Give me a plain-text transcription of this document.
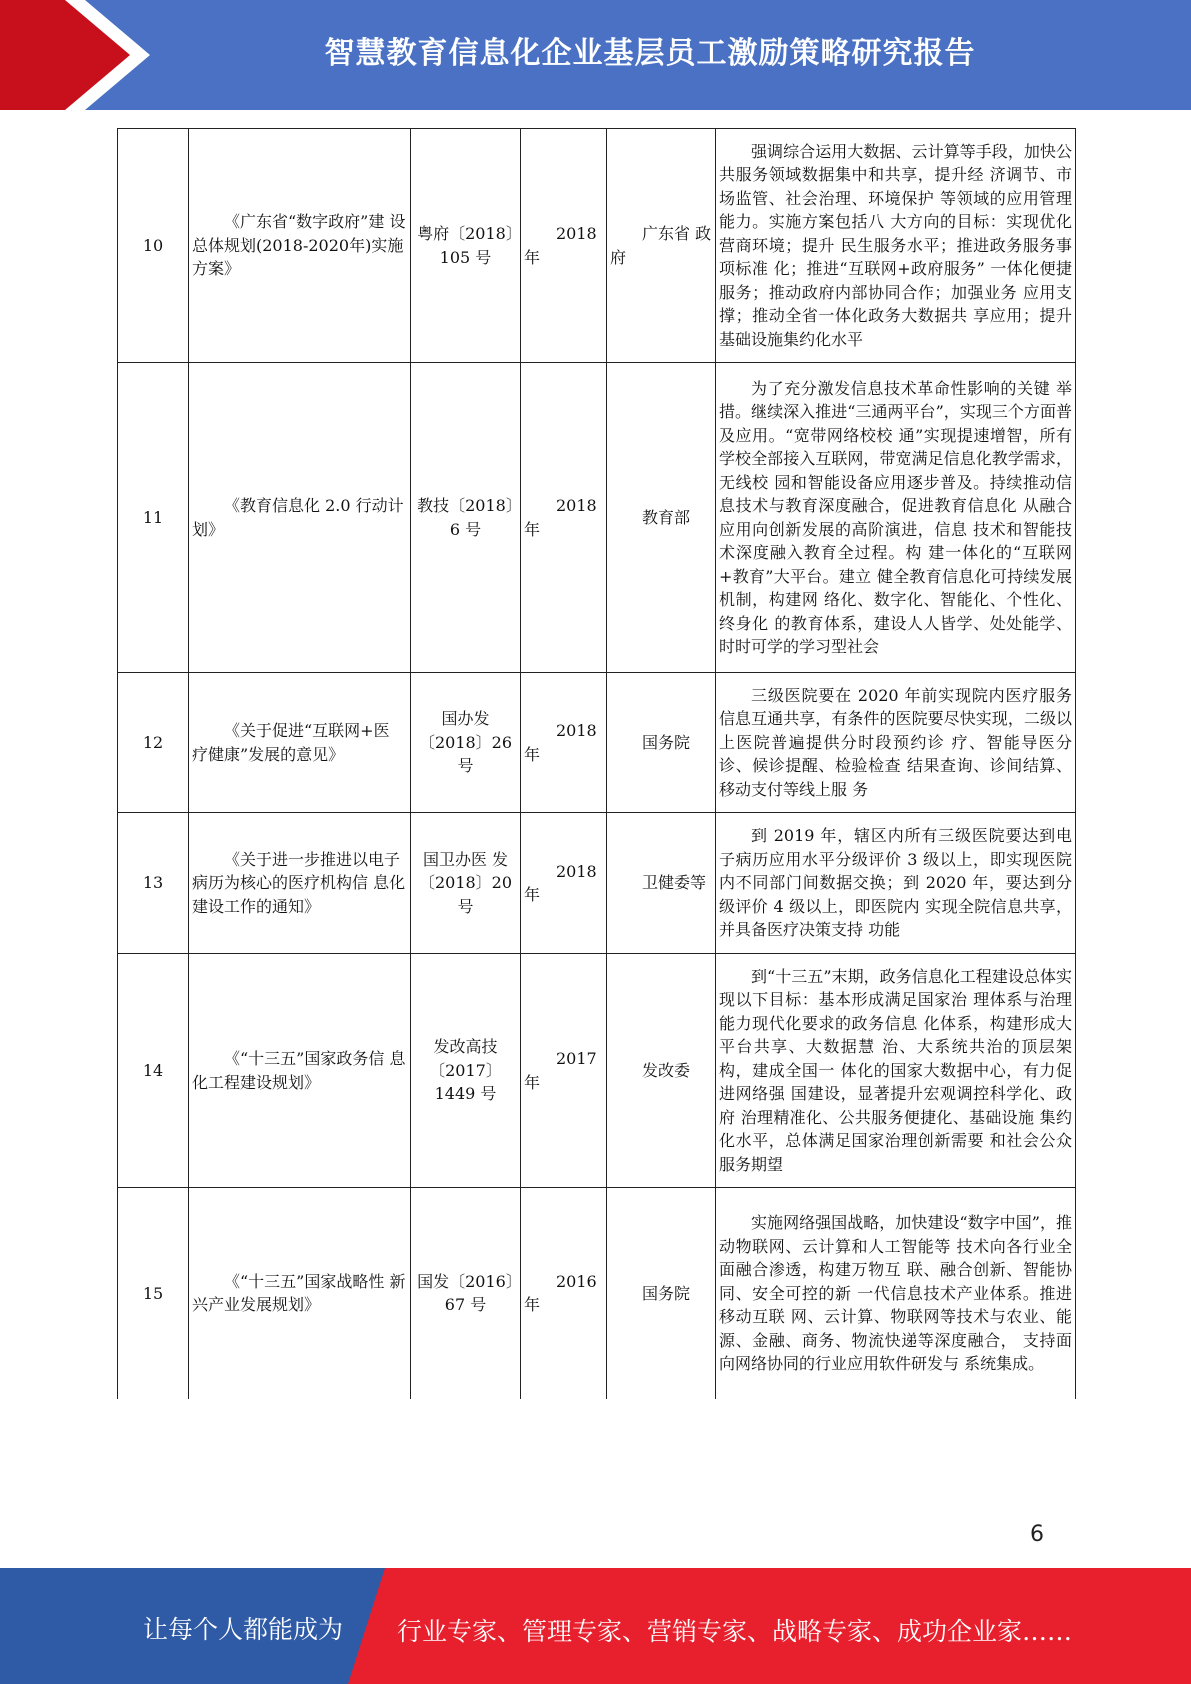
智慧教育信息化企业基层员工激励策略研究报告
10	《广东省“数字政府”建 设总体规划(2018-2020年)实施方案》	粤府〔2018〕105 号	2018年	广东省 政府	强调综合运用大数据、云计算等手段，加快公共服务领域数据集中和共享，提升经 济调节、市场监管、社会治理、环境保护 等领域的应用管理能力。实施方案包括八 大方向的目标：实现优化营商环境；提升 民生服务水平；推进政务服务事项标准 化；推进“互联网+政府服务” 一体化便捷 服务；推动政府内部协同合作；加强业务 应用支撑；推动全省一体化政务大数据共 享应用；提升基础设施集约化水平
11	《教育信息化 2.0 行动计 划》	教技〔2018〕6 号	2018年	教育部	为了充分激发信息技术革命性影响的关键 举措。继续深入推进“三通两平台”，实现三个方面普及应用。“宽带网络校校 通”实现提速增智，所有学校全部接入互联网，带宽满足信息化教学需求，无线校 园和智能设备应用逐步普及。持续推动信 息技术与教育深度融合，促进教育信息化 从融合应用向创新发展的高阶演进，信息 技术和智能技术深度融入教育全过程。构 建一体化的“互联网+教育”大平台。建立 健全教育信息化可持续发展机制，构建网 络化、数字化、智能化、个性化、终身化 的教育体系，建设人人皆学、处处能学、 时时可学的学习型社会
12	《关于促进“互联网+医 疗健康”发展的意见》	国办发〔2018〕26 号	2018年	国务院	三级医院要在 2020 年前实现院内医疗服务 信息互通共享，有条件的医院要尽快实现，二级以上医院普遍提供分时段预约诊 疗、智能导医分诊、候诊提醒、检验检查 结果查询、诊间结算、移动支付等线上服 务
13	《关于进一步推进以电子 病历为核心的医疗机构信 息化建设工作的通知》	国卫办医 发〔2018〕20 号	2018年	卫健委等	到 2019 年，辖区内所有三级医院要达到电 子病历应用水平分级评价 3 级以上，即实现医院内不同部门间数据交换；到 2020 年，要达到分级评价 4 级以上，即医院内 实现全院信息共享，并具备医疗决策支持 功能
14	《“十三五”国家政务信 息化工程建设规划》	发改高技〔2017〕1449 号	2017年	发改委	到“十三五”末期，政务信息化工程建设总体实现以下目标：基本形成满足国家治 理体系与治理能力现代化要求的政务信息 化体系，构建形成大平台共享、大数据慧 治、大系统共治的顶层架构，建成全国一 体化的国家大数据中心，有力促进网络强 国建设，显著提升宏观调控科学化、政府 治理精准化、公共服务便捷化、基础设施 集约化水平，总体满足国家治理创新需要 和社会公众服务期望
15	《“十三五”国家战略性 新兴产业发展规划》	国发〔2016〕67 号	2016年	国务院	实施网络强国战略，加快建设“数字中国”，推动物联网、云计算和人工智能等 技术向各行业全面融合渗透，构建万物互 联、融合创新、智能协同、安全可控的新 一代信息技术产业体系。推进移动互联 网、云计算、物联网等技术与农业、能 源、金融、商务、物流快递等深度融合， 支持面向网络协同的行业应用软件研发与 系统集成。
6
让每个人都能成为 行业专家、管理专家、营销专家、战略专家、成功企业家……
